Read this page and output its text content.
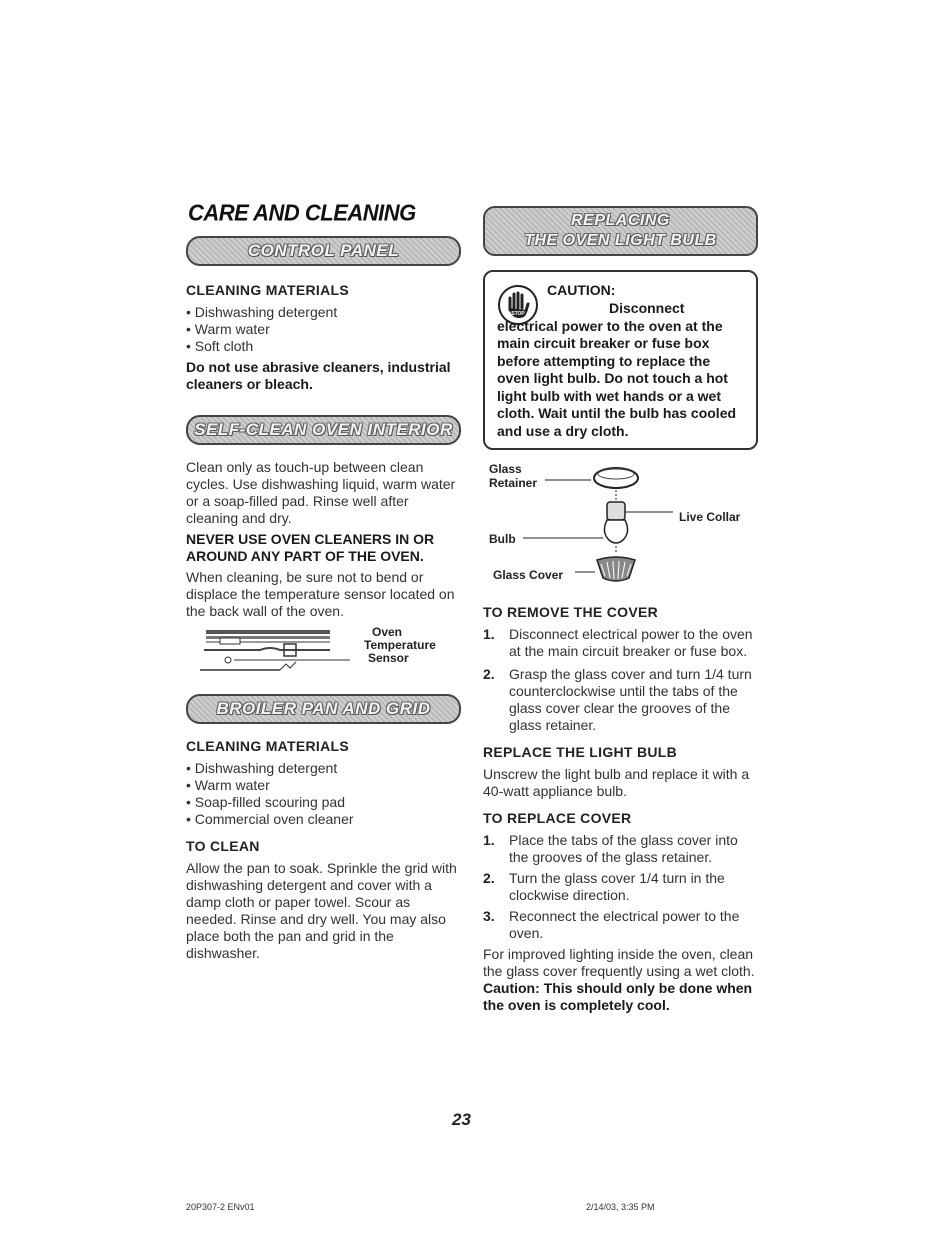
CARE AND CLEANING
CONTROL PANEL
CLEANING MATERIALS
• Dishwashing detergent
• Warm water
• Soft cloth

Do not use abrasive cleaners, industrial cleaners or bleach.

SELF-CLEAN OVEN INTERIOR

Clean only as touch-up between clean cycles. Use dishwashing liquid, warm water or a soap-filled pad. Rinse well after cleaning and dry.

NEVER USE OVEN CLEANERS IN OR AROUND ANY PART OF THE OVEN.

When cleaning, be sure not to bend or displace the temperature sensor located on the back wall of the oven.

Oven
Temperature
Sensor
BROILER PAN AND GRID
CLEANING MATERIALS
• Dishwashing detergent
• Warm water
• Soap-filled scouring pad
• Commercial oven cleaner
TO CLEAN

Allow the pan to soak. Sprinkle the grid with dishwashing detergent and cover with a damp cloth or paper towel. Scour as needed. Rinse and dry well. You may also place both the pan and grid in the dishwasher.

REPLACING
THE OVEN LIGHT BULB
STOP
CAUTION:
Disconnect electrical power to the oven at the main circuit breaker or fuse box before attempting to replace the oven light bulb. Do not touch a hot light bulb with wet hands or a wet cloth. Wait until the bulb has cooled and use a dry cloth.
Glass
Retainer
Live Collar
Bulb
Glass Cover
TO REMOVE THE COVER
1. Disconnect electrical power to the oven at the main circuit breaker or fuse box.
2. Grasp the glass cover and turn 1/4 turn counterclockwise until the tabs of the glass cover clear the grooves of the glass retainer.
REPLACE THE LIGHT BULB

Unscrew the light bulb and replace it with a 40-watt appliance bulb.

TO REPLACE COVER
1. Place the tabs of the glass cover into the grooves of the glass retainer.
2. Turn the glass cover 1/4 turn in the clockwise direction.
3. Reconnect the electrical power to the oven.

For improved lighting inside the oven, clean the glass cover frequently using a wet cloth. Caution: This should only be done when the oven is completely cool.

23
20P307-2 ENv01	2/14/03, 3:35 PM
